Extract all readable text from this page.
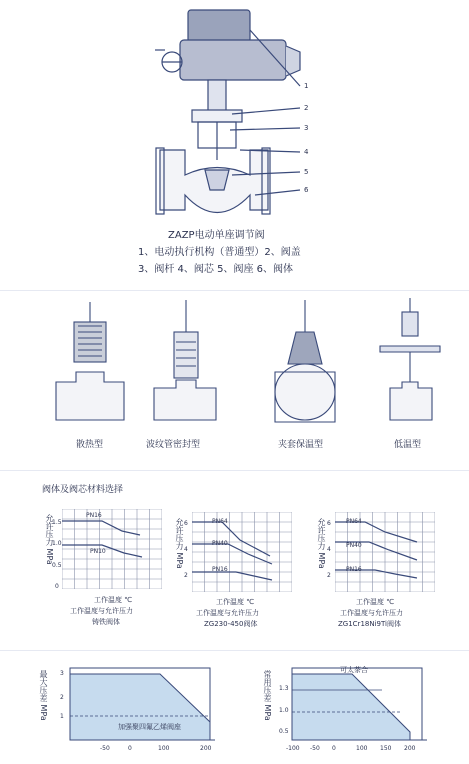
1
2
3
4
5
6
ZAZP电动单座调节阀
1、电动执行机构（普通型）2、阀盖
3、阀杆 4、阀芯 5、阀座 6、阀体
散热型	波纹管密封型	夹套保温型	低温型
阀体及阀芯材料选择
允许压力 MPa
1.5
1.0
0.5
0
PN16
PN10
工作温度 ℃
工作温度与允许压力
铸铁阀体
允许压力 MPa 6
4
2
PN64
PN40
PN16
工作温度 ℃
工作温度与允许压力
ZG230-450阀体
允许压力 MPa 6
4
2
PN64
PN40
PN16
工作温度 ℃
工作温度与允许压力
ZG1Cr18Ni9Ti阀体
最大压差 MPa 3
2
1
加强聚四氟乙烯阀座
-50	0	100	200
常用压差 MPa 1.3
1.0
0.5
可太茶合
-100 -50 0	100 150 200
